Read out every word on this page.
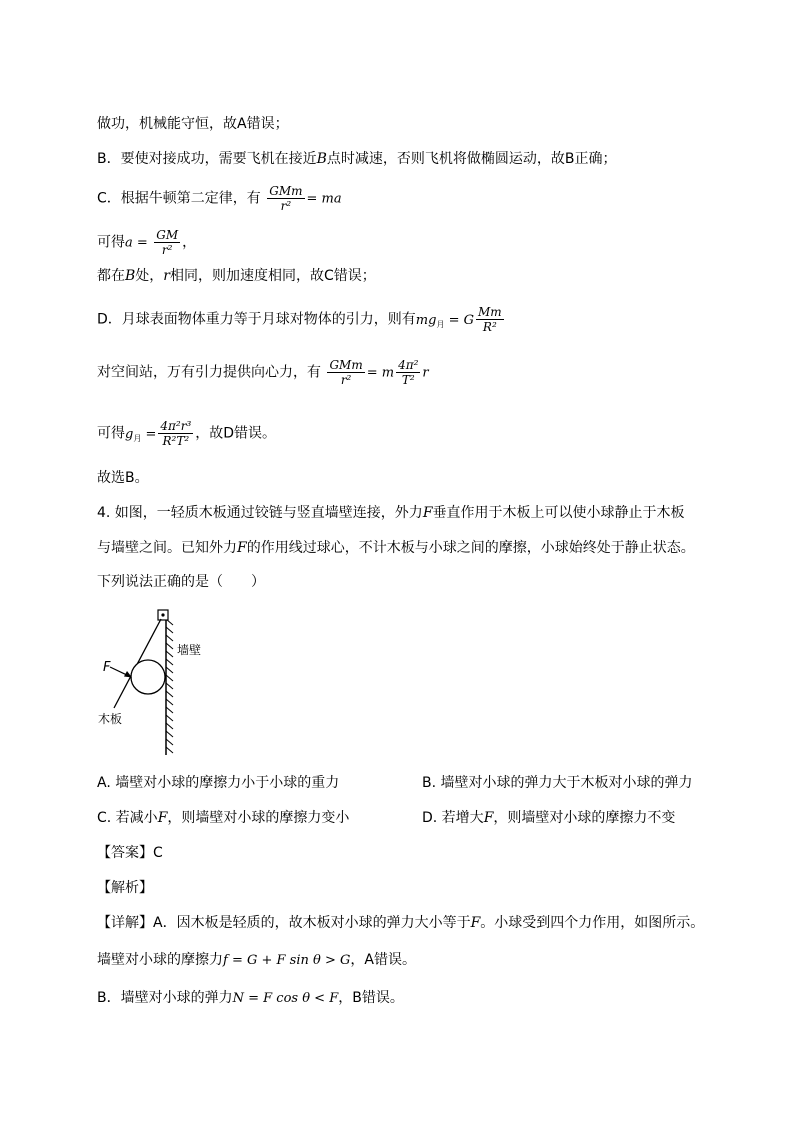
做功，机械能守恒，故A错误；
B．要使对接成功，需要飞机在接近B点时减速，否则飞机将做椭圆运动，故B正确；
C．根据牛顿第二定律，有 $\frac{\text{GMm}}{\text{r²}}$ = ma
可得$a = \frac{GM}{\text{r²}}$ ，
都在B处，r相同，则加速度相同，故C错误；
D．月球表面物体重力等于月球对物体的引力，则有$mg_月 = G \frac{Mm}{\text{R²}}$
对空间站，万有引力提供向心力，有 $\frac{\text{GMm}}{\text{r²}} = m \frac{\text{4π²}}{\text{T²}}$ r
可得$g_月 = \frac{\text{4π²r³}}{\text{R²T²}}$ ，故D错误。
故选B。
4. 如图，一轻质木板通过铰链与竖直墙壁连接，外力F垂直作用于木板上可以使小球静止于木板
与墙壁之间。已知外力F的作用线过球心，不计木板与小球之间的摩擦，小球始终处于静止状态。
下列说法正确的是（　　）
F
墙壁
木板
A. 墙壁对小球的摩擦力小于小球的重力	B. 墙壁对小球的弹力大于木板对小球的弹力
C. 若减小F，则墙壁对小球的摩擦力变小	D. 若增大F，则墙壁对小球的摩擦力不变
【答案】C
【解析】
【详解】A．因木板是轻质的，故木板对小球的弹力大小等于F。小球受到四个力作用，如图所示。
墙壁对小球的摩擦力f = G + F sin θ > G，A错误。
B．墙壁对小球的弹力N = F cos θ < F，B错误。
